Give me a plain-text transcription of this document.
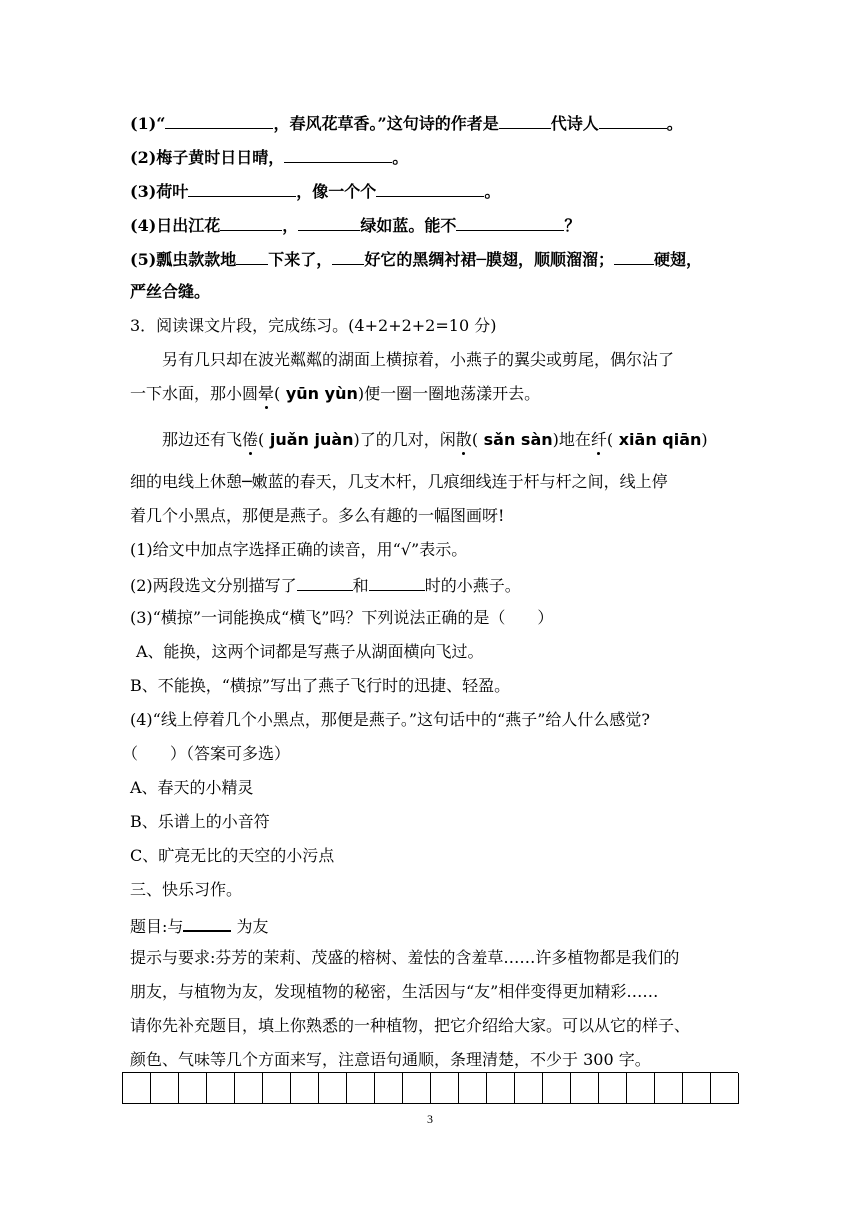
(1)“	，春风花草香。”这句诗的作者是	代诗人	。
(2)梅子黄时日日晴，	。
(3)荷叶	，像一个个	。
(4)日出江花	，	绿如蓝。能不	？
(5)瓢虫款款地 下来了， 好它的黑绸衬裙─膜翅，顺顺溜溜；	硬翅，
严丝合缝。
3．阅读课文片段，完成练习。(4+2+2+2=10 分)
另有几只却在波光粼粼的湖面上横掠着，小燕子的翼尖或剪尾，偶尔沾了
一下水面，那小圆晕( yūn yùn)便一圈一圈地荡漾开去。
那边还有飞倦( juǎn juàn)了的几对，闲散( sǎn sàn)地在纤( xiān qiān)
细的电线上休憩─嫩蓝的春天，几支木杆，几痕细线连于杆与杆之间，线上停
着几个小黑点，那便是燕子。多么有趣的一幅图画呀!
(1)给文中加点字选择正确的读音，用“√”表示。
(2)两段选文分别描写了	和	时的小燕子。
(3)“横掠”一词能换成“横飞”吗？下列说法正确的是（　　）
A、能换，这两个词都是写燕子从湖面横向飞过。
B、不能换，“横掠”写出了燕子飞行时的迅捷、轻盈。
(4)“线上停着几个小黑点，那便是燕子。”这句话中的“燕子”给人什么感觉?
（　　）（答案可多选）
A、春天的小精灵
B、乐谱上的小音符
C、旷亮无比的天空的小污点
三、快乐习作。
题目:与	为友
提示与要求:芬芳的茉莉、茂盛的榕树、羞怯的含羞草……许多植物都是我们的
朋友，与植物为友，发现植物的秘密，生活因与“友”相伴变得更加精彩……
请你先补充题目，填上你熟悉的一种植物，把它介绍给大家。可以从它的样子、
颜色、气味等几个方面来写，注意语句通顺，条理清楚，不少于 300 字。
3
